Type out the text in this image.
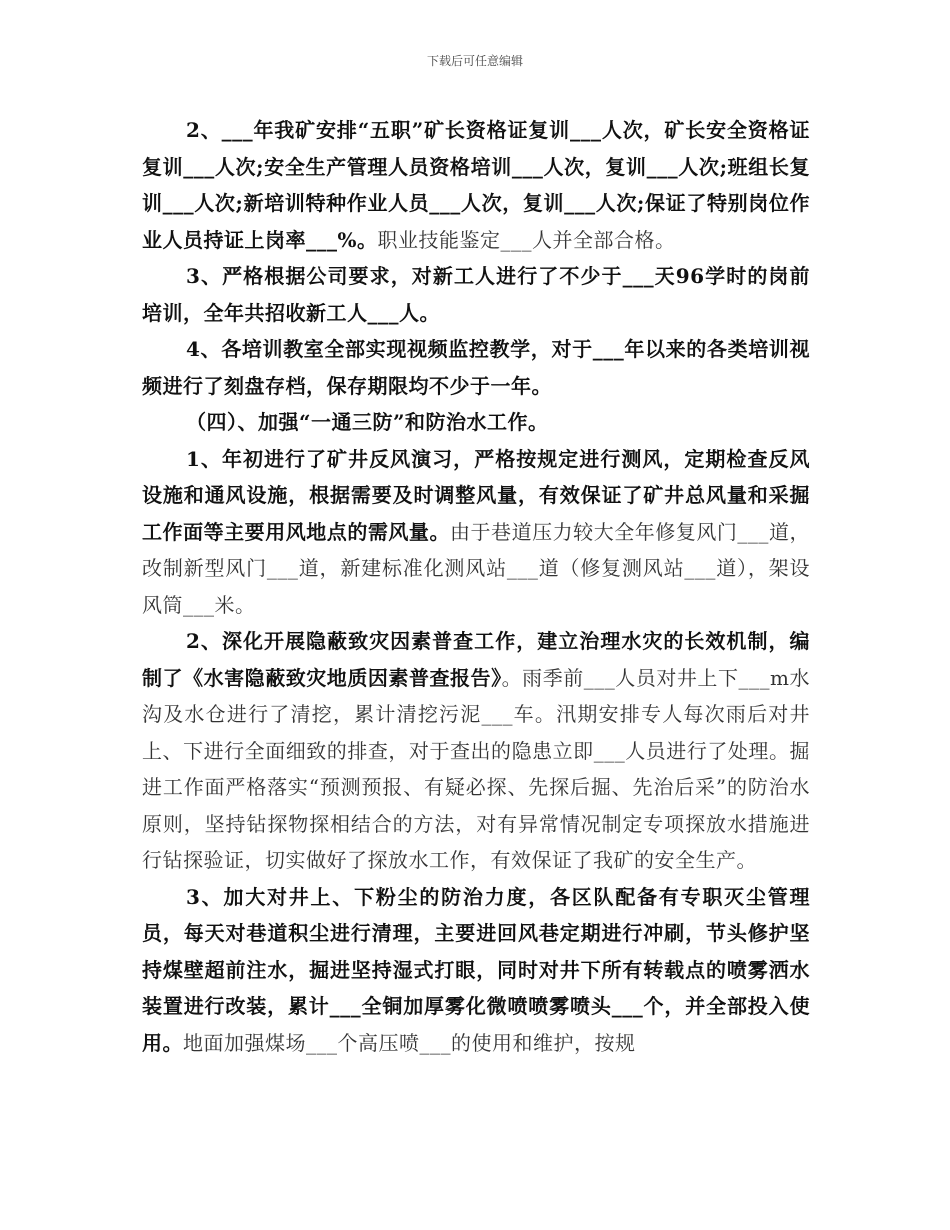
下载后可任意编辑

2、___年我矿安排“五职”矿长资格证复训___人次，矿长安全资格证复训___人次;安全生产管理人员资格培训___人次，复训___人次;班组长复训___人次;新培训特种作业人员___人次，复训___人次;保证了特别岗位作业人员持证上岗率___%。职业技能鉴定___人并全部合格。

3、严格根据公司要求，对新工人进行了不少于___天96学时的岗前培训，全年共招收新工人___人。

4、各培训教室全部实现视频监控教学，对于___年以来的各类培训视频进行了刻盘存档，保存期限均不少于一年。

（四）、加强“一通三防”和防治水工作。

1、年初进行了矿井反风演习，严格按规定进行测风，定期检查反风设施和通风设施，根据需要及时调整风量，有效保证了矿井总风量和采掘工作面等主要用风地点的需风量。由于巷道压力较大全年修复风门___道，改制新型风门___道，新建标准化测风站___道（修复测风站___道），架设风筒___米。

2、深化开展隐蔽致灾因素普查工作，建立治理水灾的长效机制，编制了《水害隐蔽致灾地质因素普查报告》。雨季前___人员对井上下___m水沟及水仓进行了清挖，累计清挖污泥___车。汛期安排专人每次雨后对井上、下进行全面细致的排查，对于查出的隐患立即___人员进行了处理。掘进工作面严格落实“预测预报、有疑必探、先探后掘、先治后采”的防治水原则，坚持钻探物探相结合的方法，对有异常情况制定专项探放水措施进行钻探验证，切实做好了探放水工作，有效保证了我矿的安全生产。

3、加大对井上、下粉尘的防治力度，各区队配备有专职灭尘管理员，每天对巷道积尘进行清理，主要进回风巷定期进行冲刷，节头修护坚持煤壁超前注水，掘进坚持湿式打眼，同时对井下所有转载点的喷雾洒水装置进行改装，累计___全铜加厚雾化微喷喷雾喷头___个，并全部投入使用。地面加强煤场___个高压喷___的使用和维护，按规
